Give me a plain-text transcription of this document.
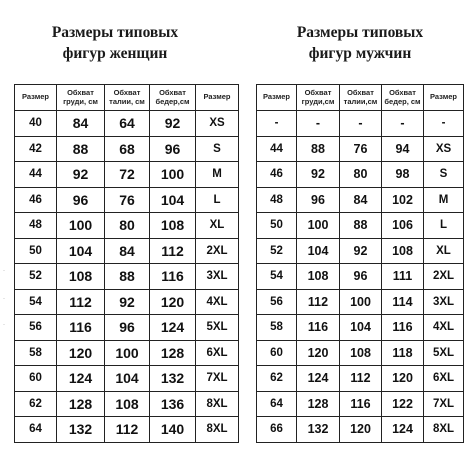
Размеры типовых
фигур женщин
Размеры типовых
фигур мужчин
Размер	Обхват груди, см	Обхват талии, см	Обхват бедер,см	Размер
40	84	64	92	XS
42	88	68	96	S
44	92	72	100	M
46	96	76	104	L
48	100	80	108	XL
50	104	84	112	2XL
52	108	88	116	3XL
54	112	92	120	4XL
56	116	96	124	5XL
58	120	100	128	6XL
60	124	104	132	7XL
62	128	108	136	8XL
64	132	112	140	8XL
Размер	Обхват груди,см	Обхват талии,см	Обхват бедер, см	Размер
-	-	-	-	-
44	88	76	94	XS
46	92	80	98	S
48	96	84	102	M
50	100	88	106	L
52	104	92	108	XL
54	108	96	111	2XL
56	112	100	114	3XL
58	116	104	116	4XL
60	120	108	118	5XL
62	124	112	120	6XL
64	128	116	122	7XL
66	132	120	124	8XL
·
·
·
